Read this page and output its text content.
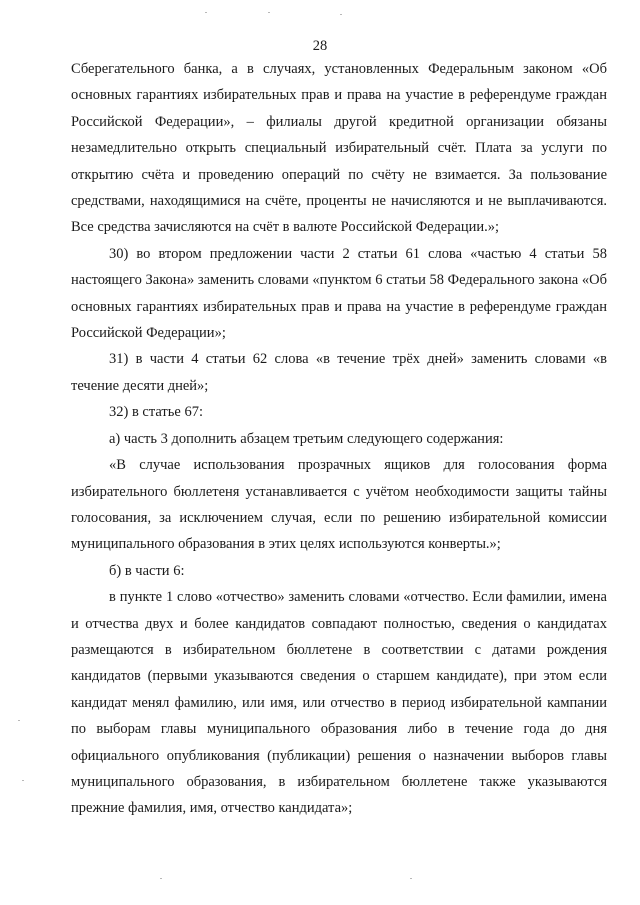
28

Сберегательного банка, а в случаях, установленных Федеральным законом «Об основных гарантиях избирательных прав и права на участие в референдуме граждан Российской Федерации», – филиалы другой кредитной организации обязаны незамедлительно открыть специальный избирательный счёт. Плата за услуги по открытию счёта и проведению операций по счёту не взимается. За пользование средствами, находящимися на счёте, проценты не начисляются и не выплачиваются. Все средства зачисляются на счёт в валюте Российской Федерации.»;

30) во втором предложении части 2 статьи 61 слова «частью 4 статьи 58 настоящего Закона» заменить словами «пунктом 6 статьи 58 Федерального закона «Об основных гарантиях избирательных прав и права на участие в референдуме граждан Российской Федерации»;

31) в части 4 статьи 62 слова «в течение трёх дней» заменить словами «в течение десяти дней»;

32) в статье 67:

а) часть 3 дополнить абзацем третьим следующего содержания:

«В случае использования прозрачных ящиков для голосования форма избирательного бюллетеня устанавливается с учётом необходимости защиты тайны голосования, за исключением случая, если по решению избирательной комиссии муниципального образования в этих целях используются конверты.»;

б) в части 6:

в пункте 1 слово «отчество» заменить словами «отчество. Если фамилии, имена и отчества двух и более кандидатов совпадают полностью, сведения о кандидатах размещаются в избирательном бюллетене в соответствии с датами рождения кандидатов (первыми указываются сведения о старшем кандидате), при этом если кандидат менял фамилию, или имя, или отчество в период избирательной кампании по выборам главы муниципального образования либо в течение года до дня официального опубликования (публикации) решения о назначении выборов главы муниципального образования, в избирательном бюллетене также указываются прежние фамилия, имя, отчество кандидата»;
